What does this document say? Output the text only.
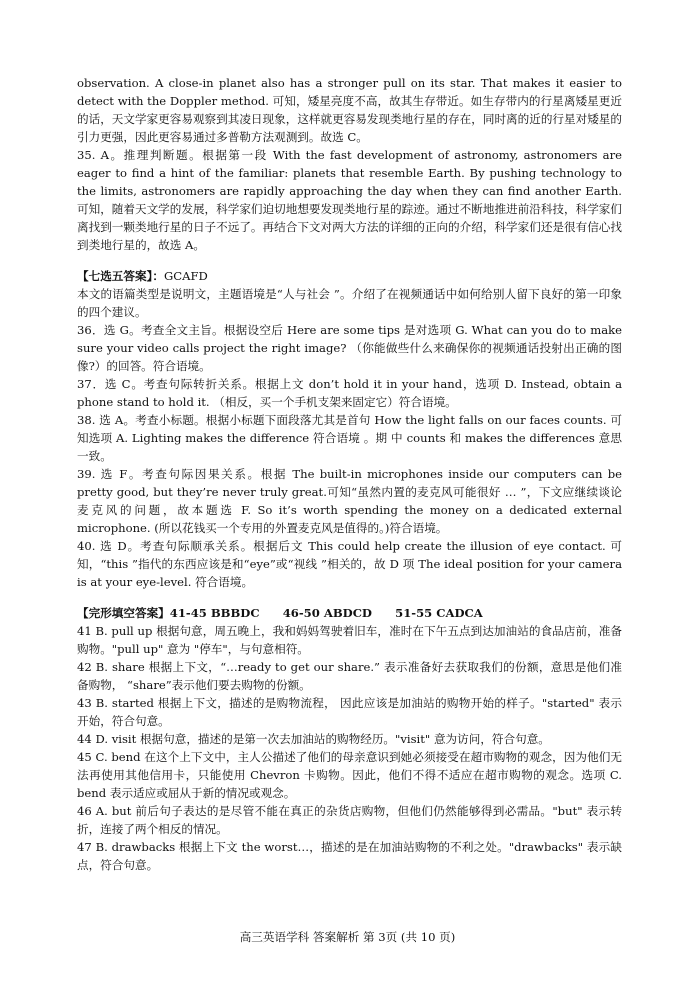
observation. A close-in planet also has a stronger pull on its star. That makes it easier to detect with the Doppler method. 可知，矮星亮度不高，故其生存带近。如生存带内的行星离矮星更近的话，天文学家更容易观察到其凌日现象，这样就更容易发现类地行星的存在，同时离的近的行星对矮星的引力更强，因此更容易通过多普勒方法观测到。故选 C。

35. A。推理判断题。根据第一段 With the fast development of astronomy, astronomers are eager to find a hint of the familiar: planets that resemble Earth. By pushing technology to the limits, astronomers are rapidly approaching the day when they can find another Earth. 可知，随着天文学的发展，科学家们迫切地想要发现类地行星的踪迹。通过不断地推进前沿科技，科学家们离找到一颗类地行星的日子不远了。再结合下文对两大方法的详细的正向的介绍，科学家们还是很有信心找到类地行星的，故选 A。

【七选五答案】：GCAFD

本文的语篇类型是说明文，主题语境是“人与社会 ”。介绍了在视频通话中如何给别人留下良好的第一印象的四个建议。

36．选 G。考查全文主旨。根据设空后 Here are some tips 是对选项 G. What can you do to make sure your video calls project the right image? （你能做些什么来确保你的视频通话投射出正确的图像?）的回答。符合语境。

37．选 C。考查句际转折关系。根据上文 don’t hold it in your hand，选项 D. Instead, obtain a phone stand to hold it. （相反，买一个手机支架来固定它）符合语境。

38. 选 A。考查小标题。根据小标题下面段落尤其是首句 How the light falls on our faces counts. 可知选项 A. Lighting makes the difference 符合语境 。期 中 counts 和 makes the differences 意思一致。

39. 选 F。考查句际因果关系。根据 The built-in microphones inside our computers can be pretty good, but they’re never truly great.可知“虽然内置的麦克风可能很好 … ”，下文应继续谈论麦克风的问题，故本题选 F. So it’s worth spending the money on a dedicated external microphone. (所以花钱买一个专用的外置麦克风是值得的。)符合语境。

40. 选 D。考查句际顺承关系。根据后文 This could help create the illusion of eye contact. 可知，“this ”指代的东西应该是和“eye”或“视线 ”相关的，故 D 项 The ideal position for your camera is at your eye-level. 符合语境。

【完形填空答案】41-45 BBBDC　　46-50 ABDCD　　51-55 CADCA

41 B. pull up 根据句意，周五晚上，我和妈妈驾驶着旧车，准时在下午五点到达加油站的食品店前，准备购物。"pull up" 意为 "停车"，与句意相符。

42 B. share 根据上下文，“…ready to get our share.” 表示准备好去获取我们的份额，意思是他们准备购物， “share”表示他们要去购物的份额。

43 B. started 根据上下文，描述的是购物流程， 因此应该是加油站的购物开始的样子。"started" 表示开始，符合句意。

44 D. visit 根据句意，描述的是第一次去加油站的购物经历。"visit" 意为访问，符合句意。

45 C. bend 在这个上下文中，主人公描述了他们的母亲意识到她必须接受在超市购物的观念，因为他们无法再使用其他信用卡，只能使用 Chevron 卡购物。因此，他们不得不适应在超市购物的观念。选项 C. bend 表示适应或屈从于新的情况或观念。

46 A. but 前后句子表达的是尽管不能在真正的杂货店购物，但他们仍然能够得到必需品。"but" 表示转折，连接了两个相反的情况。

47 B. drawbacks 根据上下文 the worst…，描述的是在加油站购物的不利之处。"drawbacks" 表示缺点，符合句意。

高三英语学科 答案解析 第 3页 (共 10 页)
